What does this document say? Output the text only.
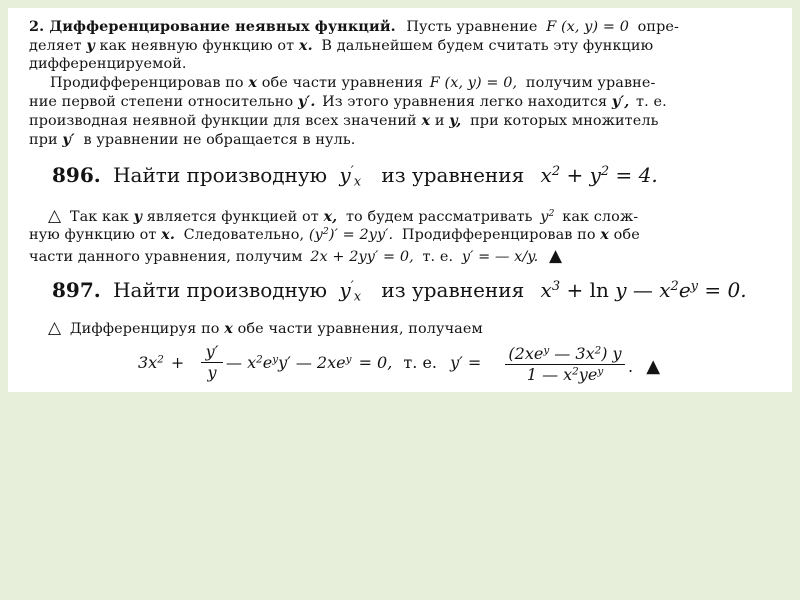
2. Дифференцирование неявных функций. Пусть уравнение F (x, y) = 0 опре-
деляет y как неявную функцию от x. В дальнейшем будем считать эту функцию
дифференцируемой.
Продифференцировав по x обе части уравнения F (x, y) = 0, получим уравне-
ние первой степени относительно y′. Из этого уравнения легко находится y′, т. е.
производная неявной функции для всех значений x и y, при которых множитель
при y′ в уравнении не обращается в нуль.
896. Найти производную $y'_x$ из уравнения $x^2 + y^2 = 4$.
△ Так как y является функцией от x, то будем рассматривать $y^2$ как слож-
ную функцию от x. Следовательно, $(y^2)' = 2yy'$. Продифференцировав по x обе
части данного уравнения, получим 2x + 2yy′ = 0, т. е. y′ = — x/y. ▲
897. Найти производную $y'_x$ из уравнения $x^3 + \ln y$ — $x^2e^y = 0$.
△ Дифференцируя по x обе части уравнения, получаем
$3x^2$ +
y′
y
— $x^2e^yy'$ — $2xe^y = 0$, т. е. $y' = (2xe^y$ — $3x^2$) y
1 — $x^2ye^y$	. ▲
